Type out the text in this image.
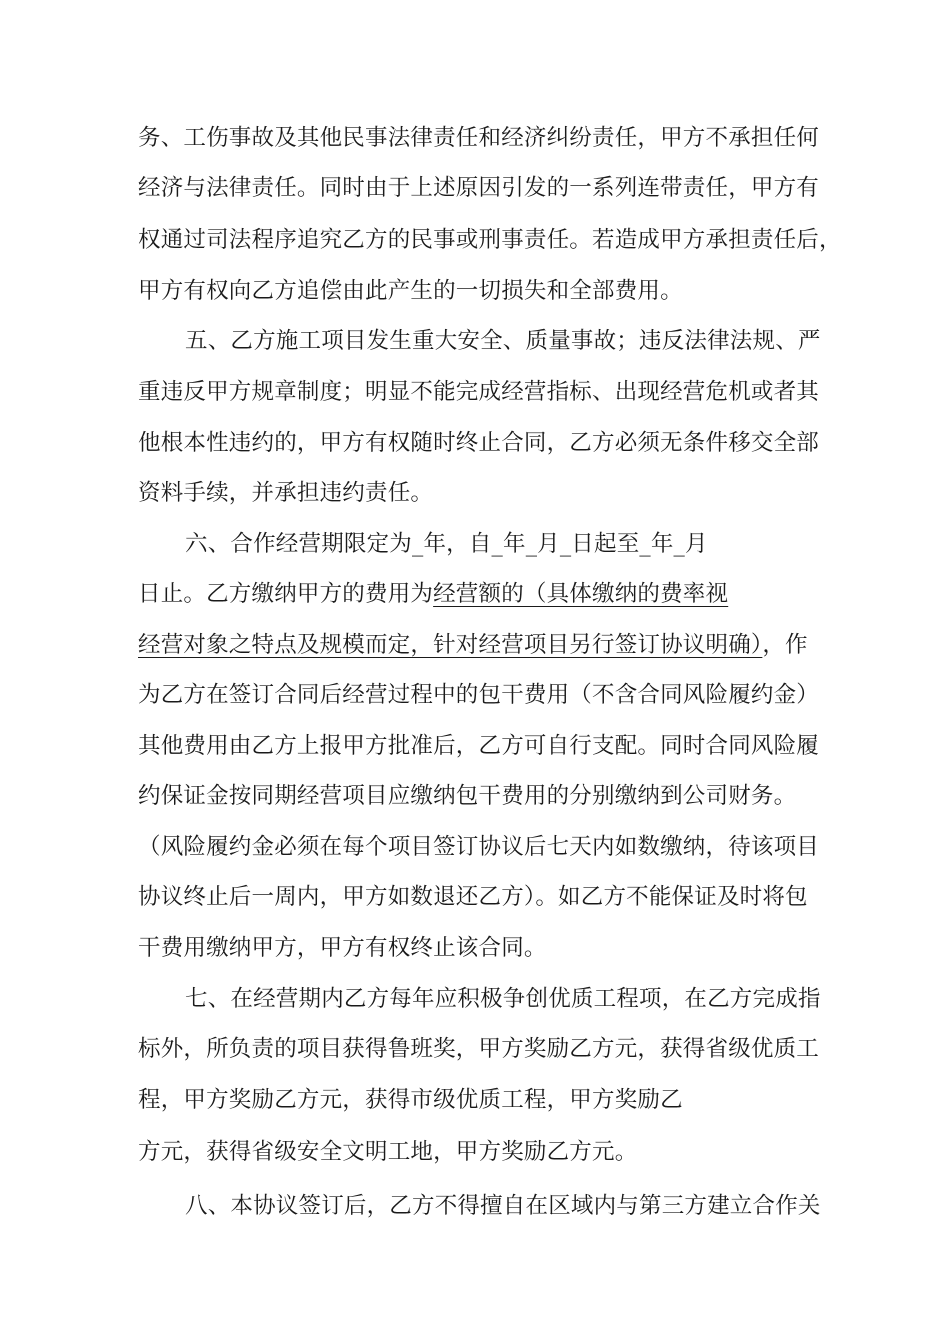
务、工伤事故及其他民事法律责任和经济纠纷责任，甲方不承担任何
经济与法律责任。同时由于上述原因引发的一系列连带责任，甲方有
权通过司法程序追究乙方的民事或刑事责任。若造成甲方承担责任后，
甲方有权向乙方追偿由此产生的一切损失和全部费用。
五、乙方施工项目发生重大安全、质量事故；违反法律法规、严
重违反甲方规章制度；明显不能完成经营指标、出现经营危机或者其
他根本性违约的，甲方有权随时终止合同，乙方必须无条件移交全部
资料手续，并承担违约责任。
六、合作经营期限定为_年，自_年_月_日起至_年_月
日止。乙方缴纳甲方的费用为经营额的（具体缴纳的费率视
经营对象之特点及规模而定，针对经营项目另行签订协议明确），作
为乙方在签订合同后经营过程中的包干费用（不含合同风险履约金）
其他费用由乙方上报甲方批准后，乙方可自行支配。同时合同风险履
约保证金按同期经营项目应缴纳包干费用的分别缴纳到公司财务。
（风险履约金必须在每个项目签订协议后七天内如数缴纳，待该项目
协议终止后一周内，甲方如数退还乙方）。如乙方不能保证及时将包
干费用缴纳甲方，甲方有权终止该合同。
七、在经营期内乙方每年应积极争创优质工程项，在乙方完成指
标外，所负责的项目获得鲁班奖，甲方奖励乙方元，获得省级优质工
程，甲方奖励乙方元，获得市级优质工程，甲方奖励乙
方元，获得省级安全文明工地，甲方奖励乙方元。
八、本协议签订后，乙方不得擅自在区域内与第三方建立合作关
